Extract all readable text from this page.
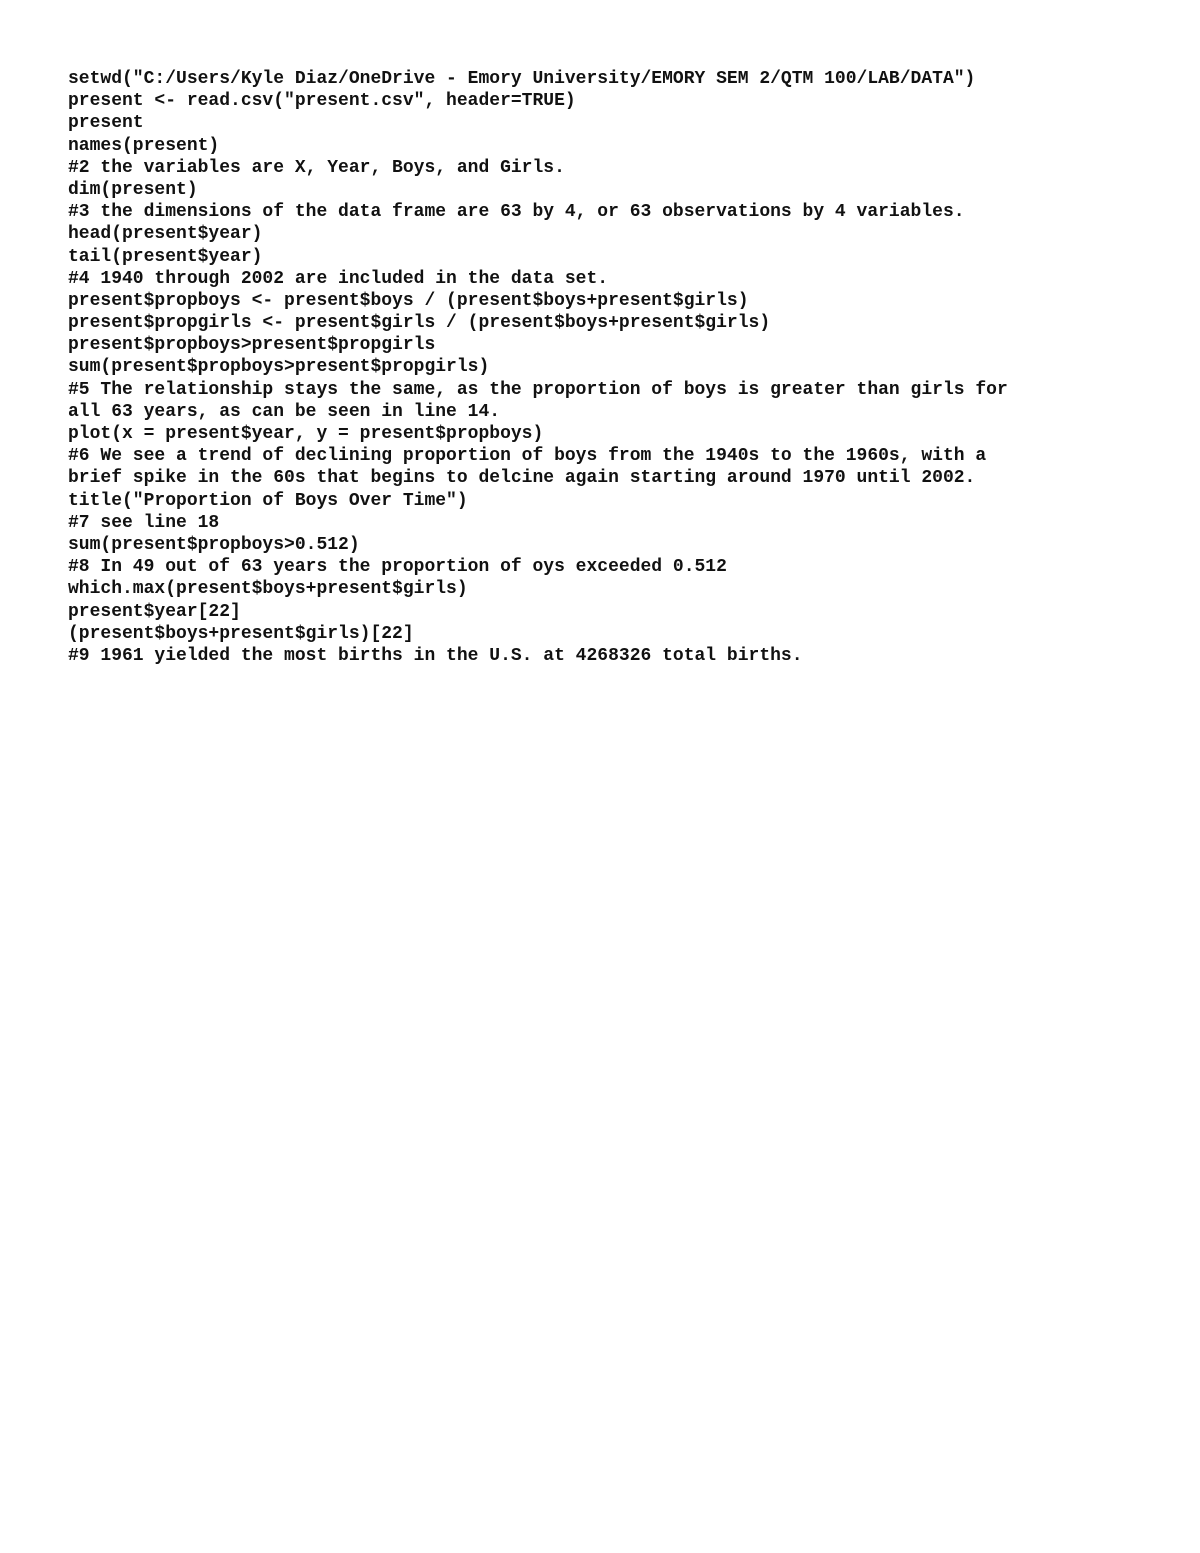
setwd("C:/Users/Kyle Diaz/OneDrive - Emory University/EMORY SEM 2/QTM 100/LAB/DATA")
present <- read.csv("present.csv", header=TRUE)
present
names(present)
#2 the variables are X, Year, Boys, and Girls.
dim(present)
#3 the dimensions of the data frame are 63 by 4, or 63 observations by 4 variables.
head(present$year)
tail(present$year)
#4 1940 through 2002 are included in the data set.
present$propboys <- present$boys / (present$boys+present$girls)
present$propgirls <- present$girls / (present$boys+present$girls)
present$propboys>present$propgirls
sum(present$propboys>present$propgirls)
#5 The relationship stays the same, as the proportion of boys is greater than girls for
all 63 years, as can be seen in line 14.
plot(x = present$year, y = present$propboys)
#6 We see a trend of declining proportion of boys from the 1940s to the 1960s, with a
brief spike in the 60s that begins to delcine again starting around 1970 until 2002.
title("Proportion of Boys Over Time")
#7 see line 18
sum(present$propboys>0.512)
#8 In 49 out of 63 years the proportion of oys exceeded 0.512
which.max(present$boys+present$girls)
present$year[22]
(present$boys+present$girls)[22]
#9 1961 yielded the most births in the U.S. at 4268326 total births.
